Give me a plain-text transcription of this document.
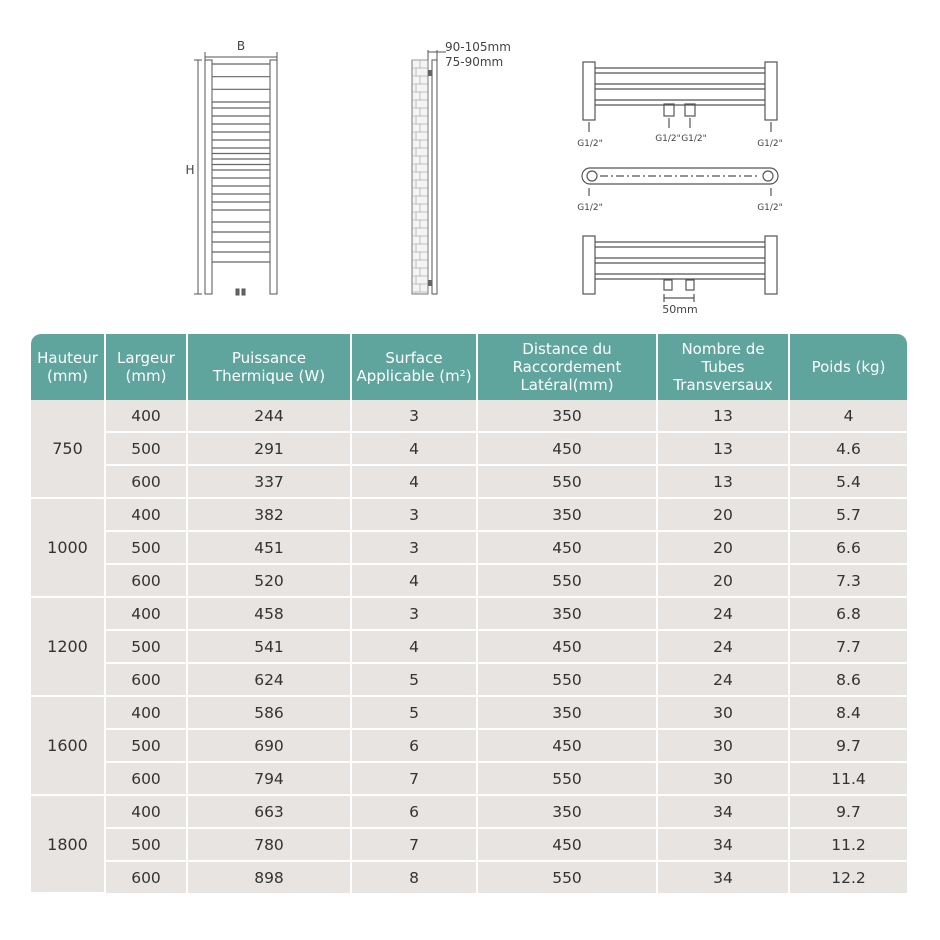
B
H
90-105mm
75-90mm
G1/2"	G1/2" G1/2"	G1/2"
G1/2"	G1/2"
50mm
Hauteur (mm)	Largeur (mm)	Puissance Thermique (W)	Surface Applicable (m²)	Distance du Raccordement Latéral(mm)	Nombre de Tubes Transversaux	Poids (kg)
750	400	244	3	350	13	4
	500	291	4	450	13	4.6
	600	337	4	550	13	5.4
1000	400	382	3	350	20	5.7
	500	451	3	450	20	6.6
	600	520	4	550	20	7.3
1200	400	458	3	350	24	6.8
	500	541	4	450	24	7.7
	600	624	5	550	24	8.6
1600	400	586	5	350	30	8.4
	500	690	6	450	30	9.7
	600	794	7	550	30	11.4
1800	400	663	6	350	34	9.7
	500	780	7	450	34	11.2
	600	898	8	550	34	12.2
